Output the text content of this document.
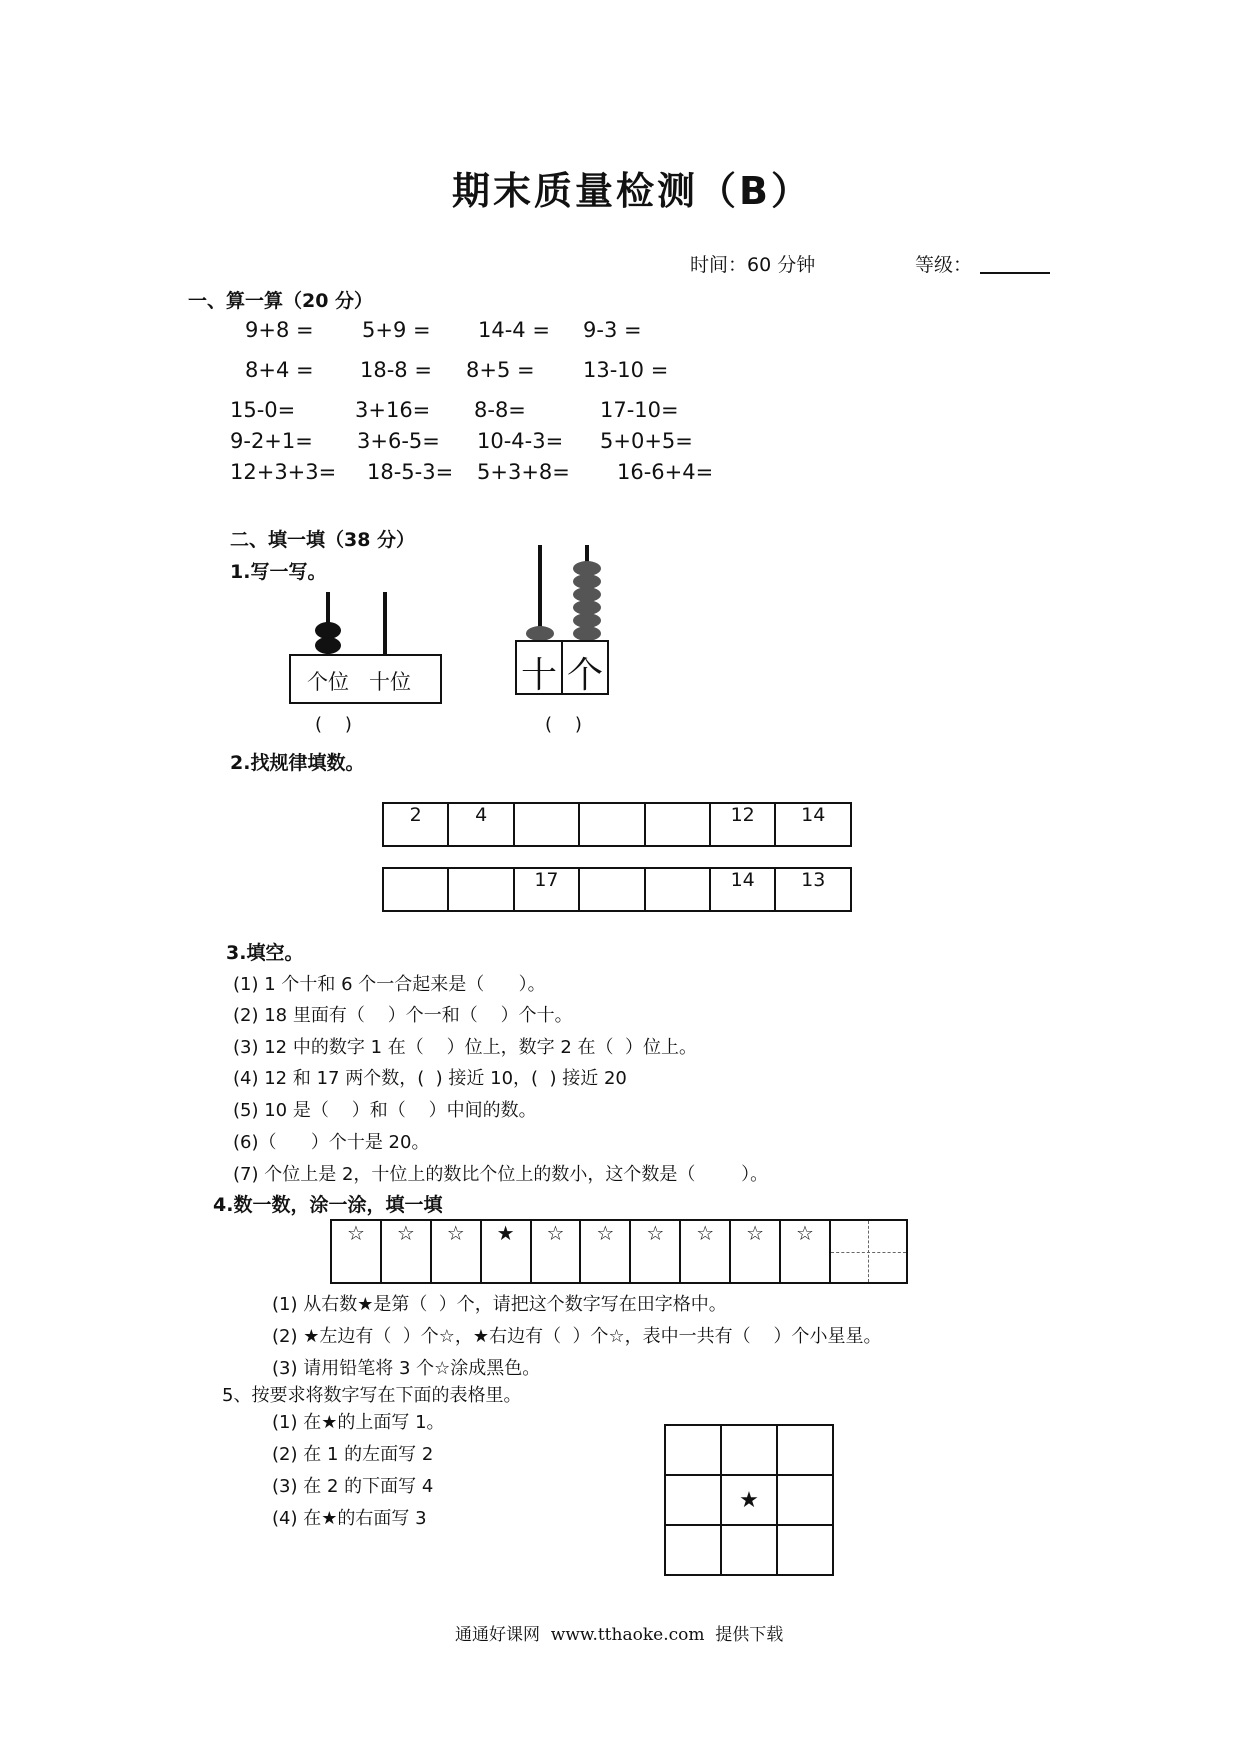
期末质量检测（B）
时间：60 分钟	等级：
一、算一算（20 分）
9+8 = 5+9 = 14-4 = 9-3 =
8+4 = 18-8 = 8+5 = 13-10 =
15-0=	3+16= 8-8=	17-10=
9-2+1= 3+6-5= 10-4-3= 5+0+5=
12+3+3= 18-5-3= 5+3+8= 16-6+4=
二、填一填（38 分）
1.写一写。
个位   十位
(    )
十 个
(    )
2.找规律填数。
2	4				12	14
		17			14	13
3.填空。
(1) 1 个十和 6 个一合起来是（      ）。
(2) 18 里面有（    ）个一和（    ）个十。
(3) 12 中的数字 1 在（    ）位上，数字 2 在（  ）位上。
(4) 12 和 17 两个数，(  ) 接近 10，(  ) 接近 20
(5) 10 是（    ）和（    ）中间的数。
(6)（      ）个十是 20。
(7) 个位上是 2，十位上的数比个位上的数小，这个数是（        ）。
4.数一数，涂一涂，填一填
☆	☆	☆	★	☆	☆	☆	☆	☆	☆	
(1) 从右数★是第（  ）个，请把这个数字写在田字格中。
(2) ★左边有（  ）个☆，★右边有（  ）个☆，表中一共有（    ）个小星星。
(3) 请用铅笔将 3 个☆涂成黑色。
5、按要求将数字写在下面的表格里。
(1) 在★的上面写 1。
(2) 在 1 的左面写 2
(3) 在 2 的下面写 4
(4) 在★的右面写 3

	★	

通通好课网  www.tthaoke.com  提供下载
